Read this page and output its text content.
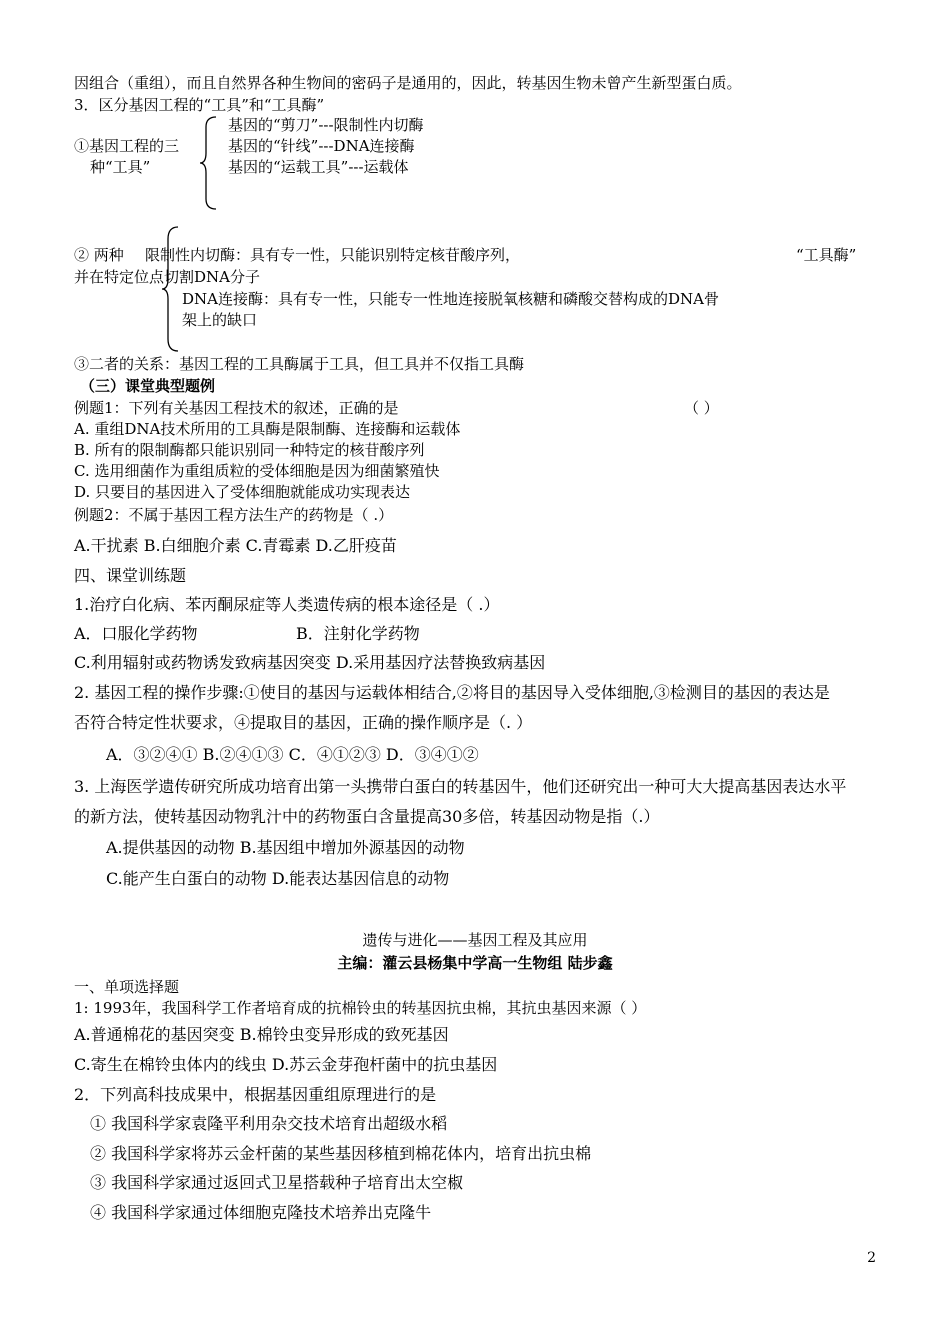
因组合（重组），而且自然界各种生物间的密码子是通用的，因此，转基因生物未曾产生新型蛋白质。
3．区分基因工程的“工具”和“工具酶”
①基因工程的三
种“工具”
基因的“剪刀”---限制性内切酶
基因的“针线”---DNA连接酶
基因的“运载工具”---运载体
② 两种 限制性内切酶：具有专一性，只能识别特定核苷酸序列，	“工具酶”
并在特定位点切割DNA分子
DNA连接酶：具有专一性，只能专一性地连接脱氧核糖和磷酸交替构成的DNA骨
架上的缺口
③二者的关系：基因工程的工具酶属于工具，但工具并不仅指工具酶
（三）课堂典型题例
例题1：下列有关基因工程技术的叙述，正确的是	（ ）
A. 重组DNA技术所用的工具酶是限制酶、连接酶和运载体
B. 所有的限制酶都只能识别同一种特定的核苷酸序列
C. 选用细菌作为重组质粒的受体细胞是因为细菌繁殖快
D. 只要目的基因进入了受体细胞就能成功实现表达
例题2：不属于基因工程方法生产的药物是（ .）
A.干扰素 B.白细胞介素 C.青霉素 D.乙肝疫苗
四、课堂训练题
1.治疗白化病、苯丙酮尿症等人类遗传病的根本途径是（ .）
A．口服化学药物	B．注射化学药物
C.利用辐射或药物诱发致病基因突变 D.采用基因疗法替换致病基因
2. 基因工程的操作步骤:①使目的基因与运载体相结合,②将目的基因导入受体细胞,③检测目的基因的表达是
否符合特定性状要求，④提取目的基因，正确的操作顺序是（. ）
A．③②④① B.②④①③ C．④①②③ D．③④①②
3. 上海医学遗传研究所成功培育出第一头携带白蛋白的转基因牛，他们还研究出一种可大大提高基因表达水平
的新方法，使转基因动物乳汁中的药物蛋白含量提高30多倍，转基因动物是指（.）
A.提供基因的动物 B.基因组中增加外源基因的动物
C.能产生白蛋白的动物 D.能表达基因信息的动物
遗传与进化——基因工程及其应用
主编：灌云县杨集中学高一生物组 陆步鑫
一、单项选择题
1: 1993年，我国科学工作者培育成的抗棉铃虫的转基因抗虫棉，其抗虫基因来源（ ）
A.普通棉花的基因突变 B.棉铃虫变异形成的致死基因
C.寄生在棉铃虫体内的线虫 D.苏云金芽孢杆菌中的抗虫基因
2．下列高科技成果中，根据基因重组原理进行的是
① 我国科学家袁隆平利用杂交技术培育出超级水稻
② 我国科学家将苏云金杆菌的某些基因移植到棉花体内，培育出抗虫棉
③ 我国科学家通过返回式卫星搭载种子培育出太空椒
④ 我国科学家通过体细胞克隆技术培养出克隆牛
2
